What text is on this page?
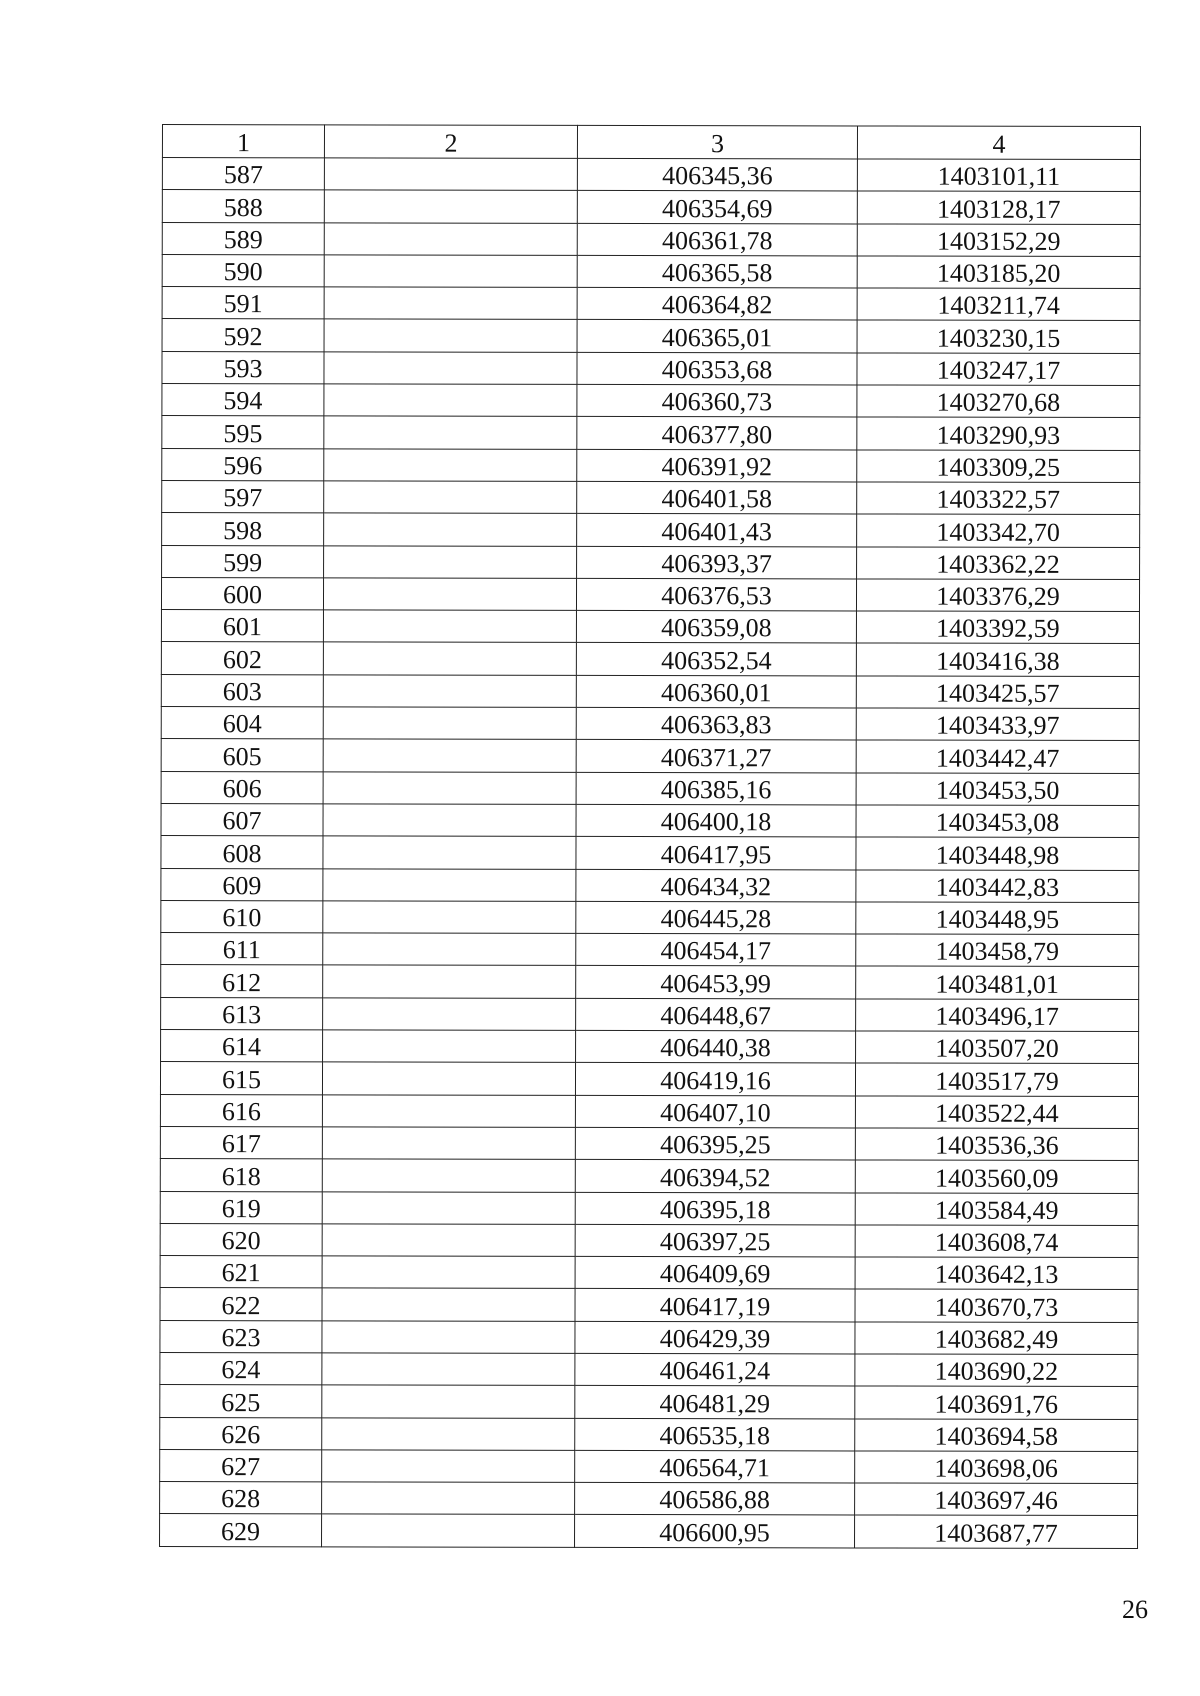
1	2	3	4
587		406345,36	1403101,11
588		406354,69	1403128,17
589		406361,78	1403152,29
590		406365,58	1403185,20
591		406364,82	1403211,74
592		406365,01	1403230,15
593		406353,68	1403247,17
594		406360,73	1403270,68
595		406377,80	1403290,93
596		406391,92	1403309,25
597		406401,58	1403322,57
598		406401,43	1403342,70
599		406393,37	1403362,22
600		406376,53	1403376,29
601		406359,08	1403392,59
602		406352,54	1403416,38
603		406360,01	1403425,57
604		406363,83	1403433,97
605		406371,27	1403442,47
606		406385,16	1403453,50
607		406400,18	1403453,08
608		406417,95	1403448,98
609		406434,32	1403442,83
610		406445,28	1403448,95
611		406454,17	1403458,79
612		406453,99	1403481,01
613		406448,67	1403496,17
614		406440,38	1403507,20
615		406419,16	1403517,79
616		406407,10	1403522,44
617		406395,25	1403536,36
618		406394,52	1403560,09
619		406395,18	1403584,49
620		406397,25	1403608,74
621		406409,69	1403642,13
622		406417,19	1403670,73
623		406429,39	1403682,49
624		406461,24	1403690,22
625		406481,29	1403691,76
626		406535,18	1403694,58
627		406564,71	1403698,06
628		406586,88	1403697,46
629		406600,95	1403687,77
26
